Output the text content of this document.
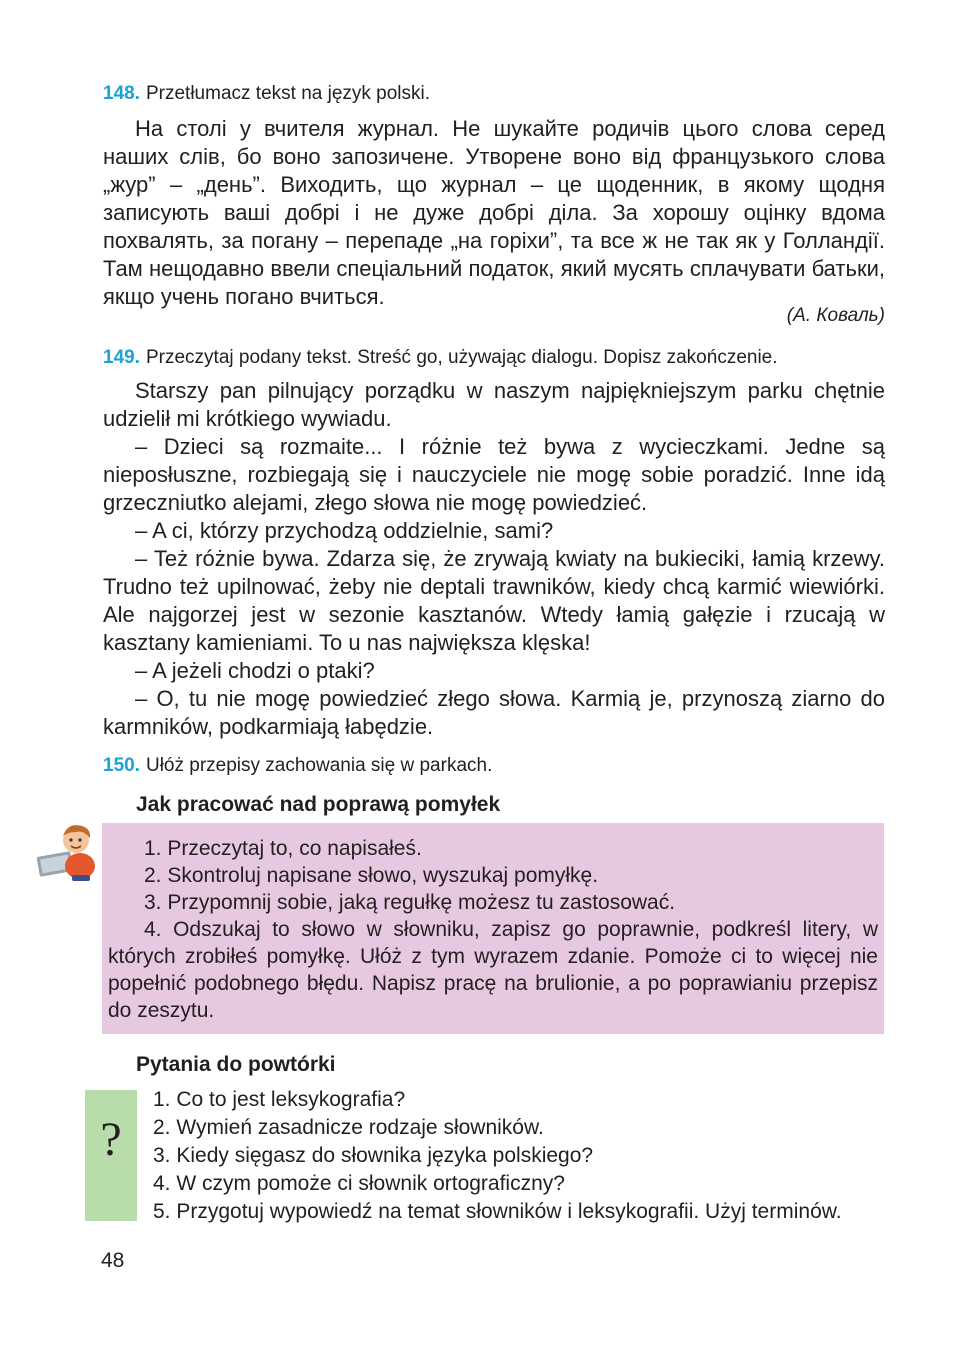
148. Przetłumacz tekst na język polski.

На столі у вчителя журнал. Не шукайте родичів цього слова серед наших слів, бо воно запозичене. Утворене воно від французького слова „жур” – „день”. Виходить, що журнал – це щоденник, в якому щодня записують ваші добрі і не дуже добрі діла. За хорошу оцінку вдома похвалять, за погану – перепаде „на горіхи”, та все ж не так як у Голландії. Там нещодавно ввели спеціальний податок, який мусять сплачувати батьки, якщо учень погано вчиться.

(А. Коваль)
149. Przeczytaj podany tekst. Streść go, używając dialogu. Dopisz zakończenie.

Starszy pan pilnujący porządku w naszym najpiękniejszym parku chętnie udzielił mi krótkiego wywiadu.

– Dzieci są rozmaite... I różnie też bywa z wycieczkami. Jedne są nieposłuszne, rozbiegają się i nauczyciele nie mogę sobie poradzić. Inne idą grzeczniutko alejami, złego słowa nie mogę powiedzieć.

– A ci, którzy przychodzą oddzielnie, sami?

– Też różnie bywa. Zdarza się, że zrywają kwiaty na bukieciki, łamią krzewy. Trudno też upilnować, żeby nie deptali trawników, kiedy chcą karmić wiewiórki. Ale najgorzej jest w sezonie kasztanów. Wtedy łamią gałęzie i rzucają w kasztany kamieniami. To u nas największa klęska!

– A jeżeli chodzi o ptaki?

– O, tu nie mogę powiedzieć złego słowa. Karmią je, przynoszą ziarno do karmników, podkarmiają łabędzie.

150. Ułóż przepisy zachowania się w parkach.
Jak pracować nad poprawą pomyłek

1. Przeczytaj to, co napisałeś.

2. Skontroluj napisane słowo, wyszukaj pomyłkę.

3. Przypomnij sobie, jaką regułkę możesz tu zastosować.

4. Odszukaj to słowo w słowniku, zapisz go poprawnie, podkreśl litery, w których zrobiłeś pomyłkę. Ułóż z tym wyrazem zdanie. Pomoże ci to więcej nie popełnić podobnego błędu. Napisz pracę na brulionie, a po poprawianiu przepisz do zeszytu.

Pytania do powtórki
?
1. Co to jest leksykografia?
2. Wymień zasadnicze rodzaje słowników.
3. Kiedy sięgasz do słownika języka polskiego?
4. W czym pomoże ci słownik ortograficzny?
5. Przygotuj wypowiedź na temat słowników i leksykografii. Użyj terminów.
48
